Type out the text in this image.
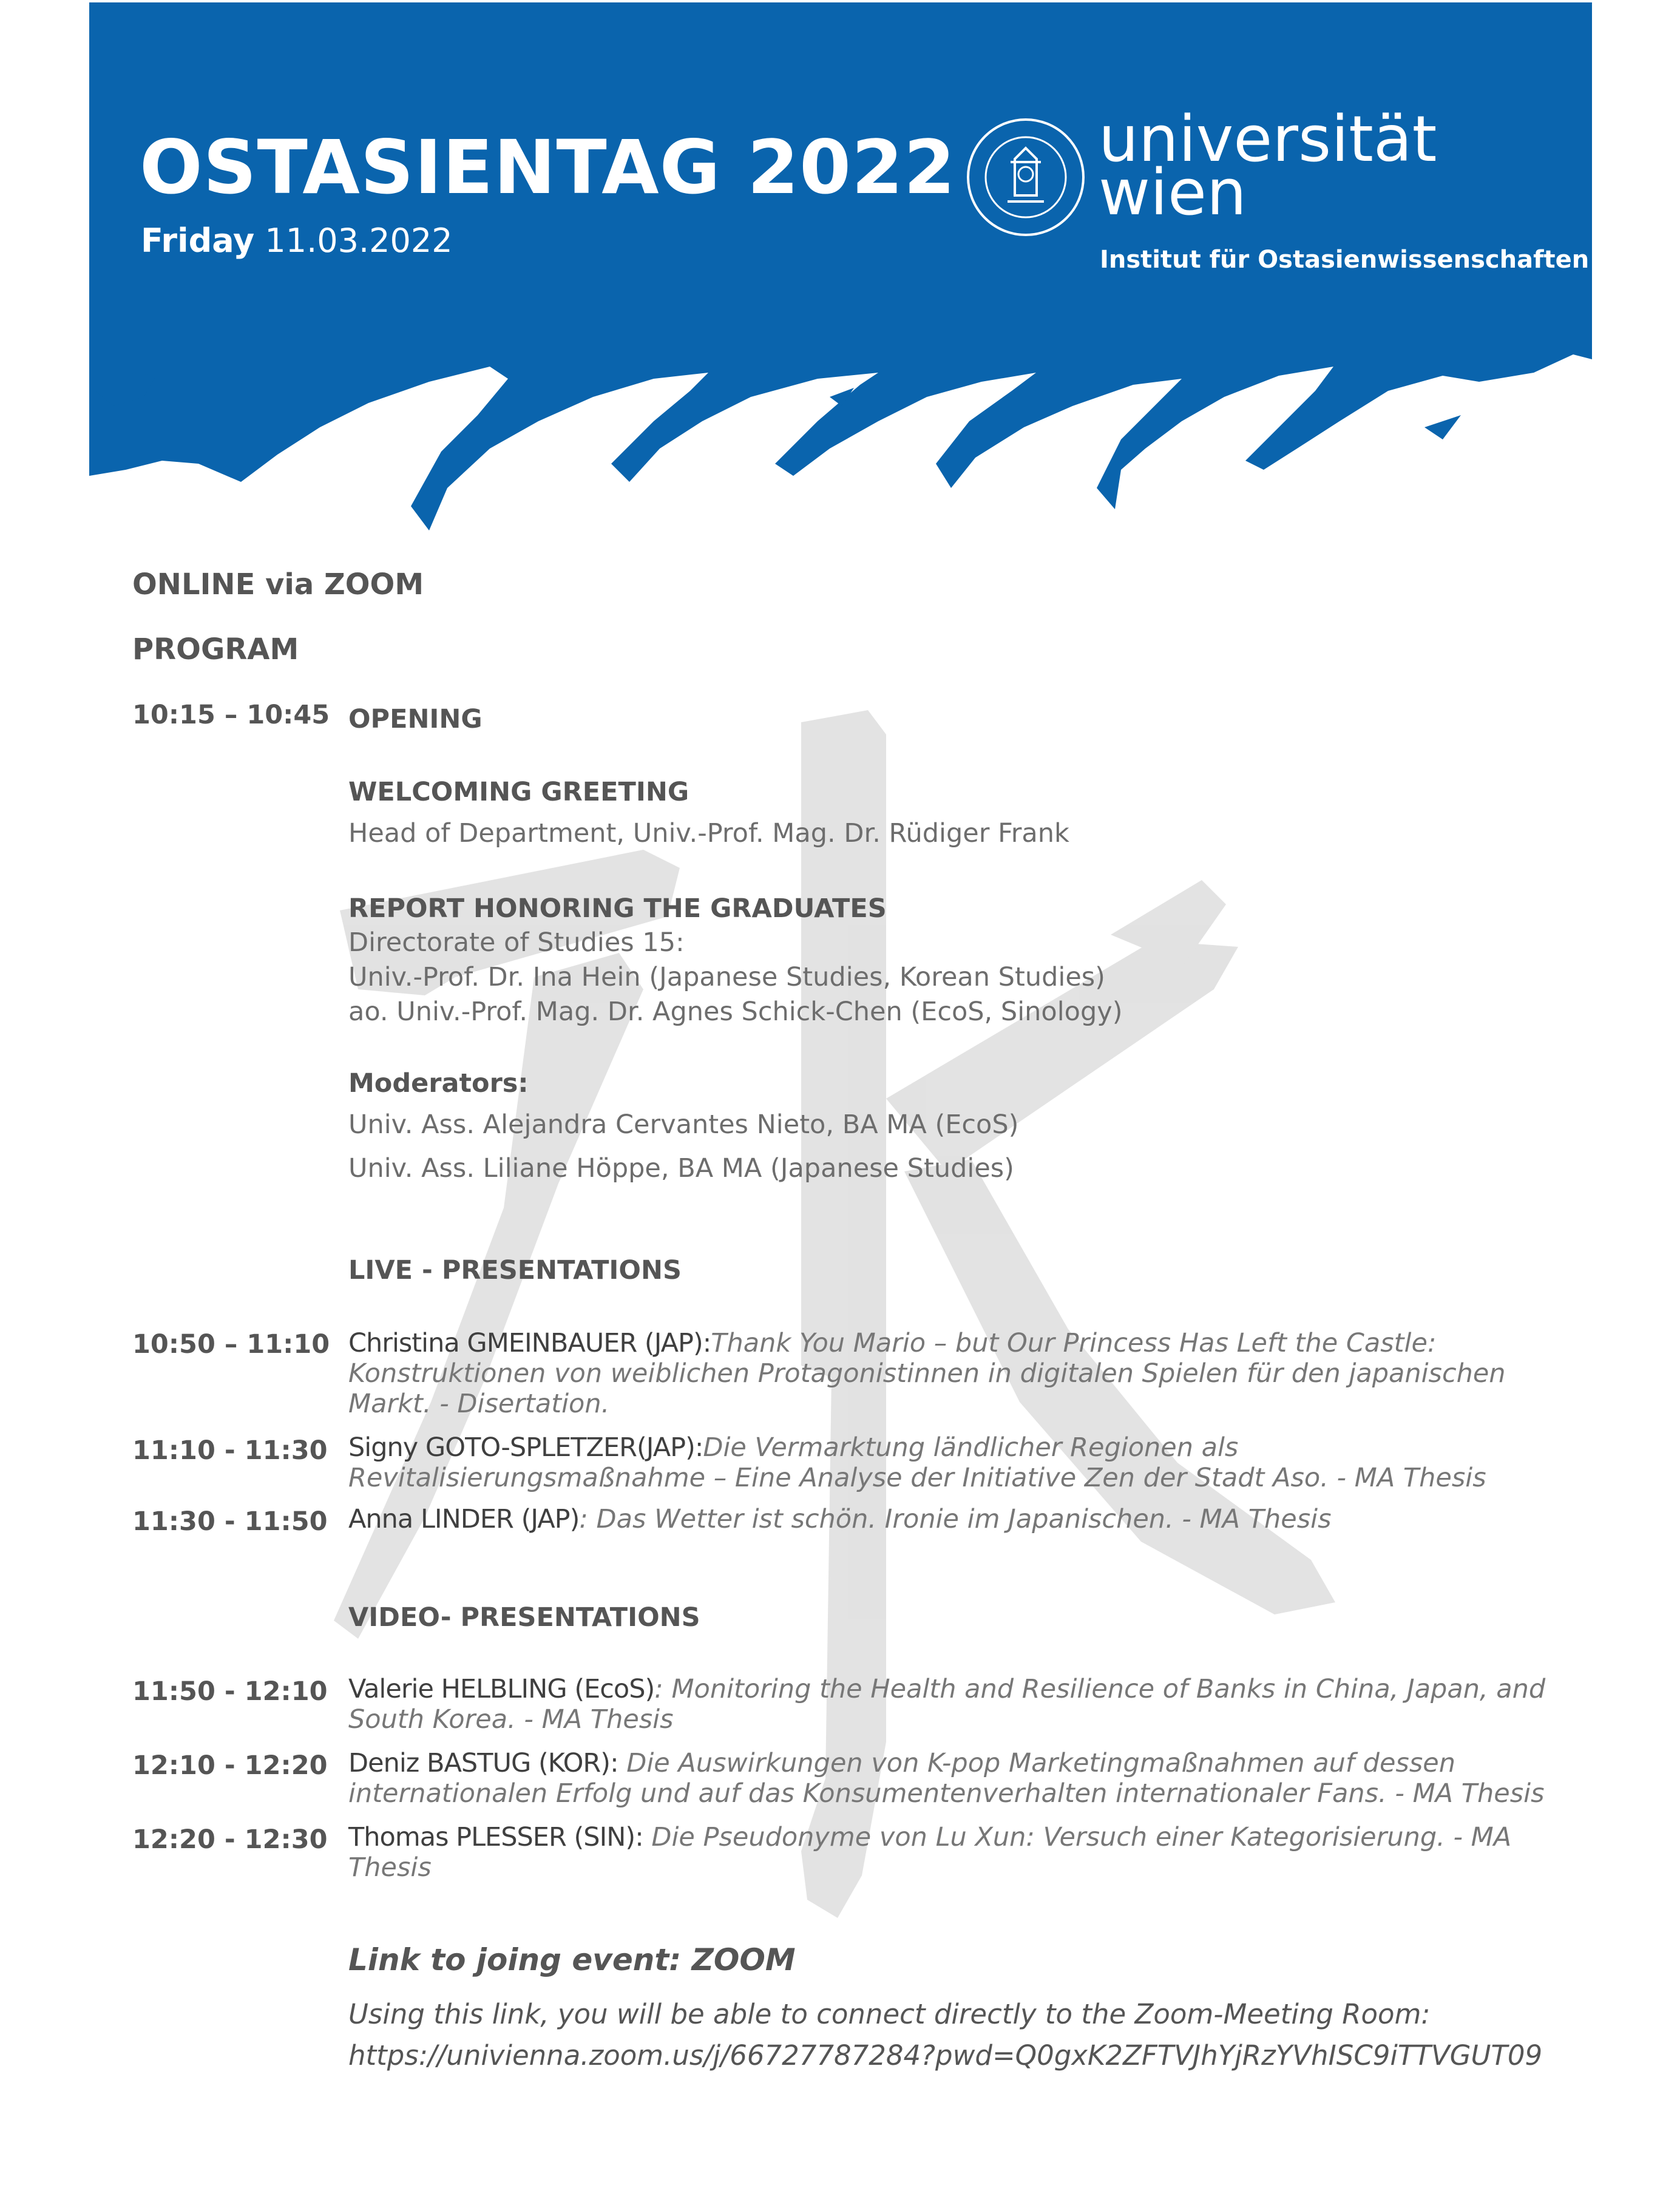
OSTASIENTAG 2022
Friday 11.03.2022
universität
wien
Institut für Ostasienwissenschaften
ONLINE via ZOOM
PROGRAM
10:15 – 10:45 OPENING
WELCOMING GREETING
Head of Department, Univ.-Prof. Mag. Dr. Rüdiger Frank
REPORT HONORING THE GRADUATES
Directorate of Studies 15:
Univ.-Prof. Dr. Ina Hein (Japanese Studies, Korean Studies)
ao. Univ.-Prof. Mag. Dr. Agnes Schick-Chen (EcoS, Sinology)
Moderators:
Univ. Ass. Alejandra Cervantes Nieto, BA MA (EcoS)
Univ. Ass. Liliane Höppe, BA MA (Japanese Studies)
LIVE - PRESENTATIONS
10:50 – 11:10 Christina GMEINBAUER (JAP):Thank You Mario – but Our Princess Has Left the Castle: Konstruktionen von weiblichen Protagonistinnen in digitalen Spielen für den japanischen Markt. - Disertation.
11:10 - 11:30 Signy GOTO-SPLETZER(JAP):Die Vermarktung ländlicher Regionen als Revitalisierungsmaßnahme – Eine Analyse der Initiative Zen der Stadt Aso. - MA Thesis
11:30 - 11:50 Anna LINDER (JAP): Das Wetter ist schön. Ironie im Japanischen. - MA Thesis
VIDEO- PRESENTATIONS
11:50 - 12:10 Valerie HELBLING (EcoS): Monitoring the Health and Resilience of Banks in China, Japan, and South Korea. - MA Thesis
12:10 - 12:20 Deniz BASTUG (KOR): Die Auswirkungen von K-pop Marketingmaßnahmen auf dessen internationalen Erfolg und auf das Konsumentenverhalten internationaler Fans. - MA Thesis
12:20 - 12:30 Thomas PLESSER (SIN): Die Pseudonyme von Lu Xun: Versuch einer Kategorisierung. - MA Thesis
Link to joing event: ZOOM
Using this link, you will be able to connect directly to the Zoom-Meeting Room:
https://univienna.zoom.us/j/66727787284?pwd=Q0gxK2ZFTVJhYjRzYVhISC9iTTVGUT09
